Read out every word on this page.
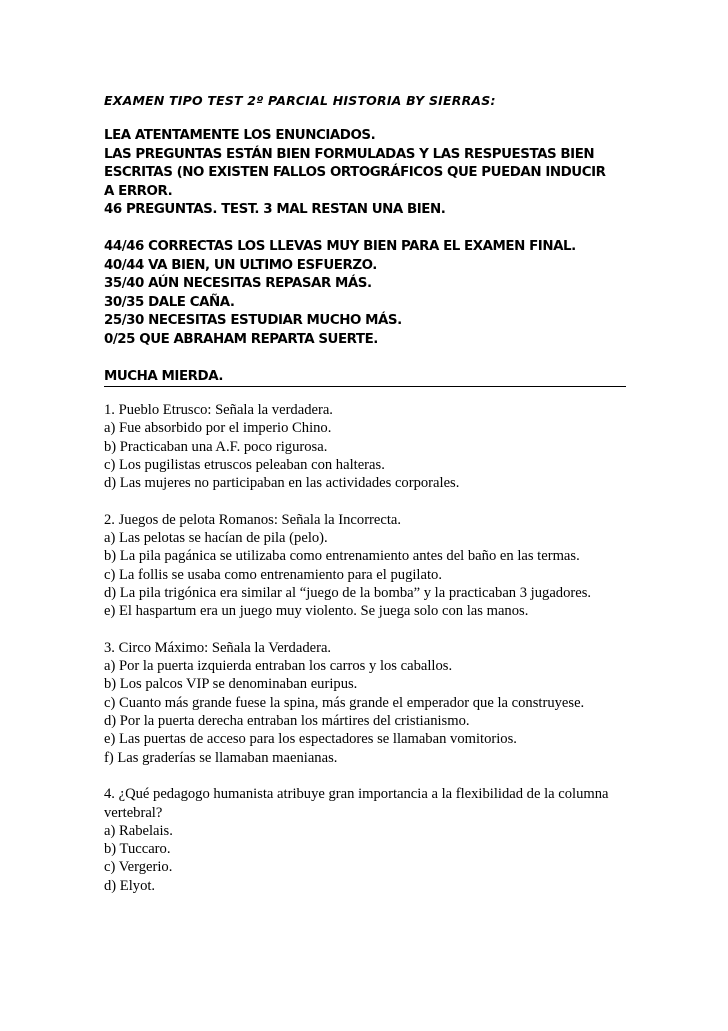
EXAMEN TIPO TEST 2º PARCIAL HISTORIA BY SIERRAS:

LEA ATENTAMENTE LOS ENUNCIADOS.

LAS PREGUNTAS ESTÁN BIEN FORMULADAS Y LAS RESPUESTAS BIEN

ESCRITAS (NO EXISTEN FALLOS ORTOGRÁFICOS QUE PUEDAN INDUCIR

A ERROR.

46 PREGUNTAS. TEST. 3 MAL RESTAN UNA BIEN.

44/46 CORRECTAS LOS LLEVAS MUY BIEN PARA EL EXAMEN FINAL.

40/44 VA BIEN, UN ULTIMO ESFUERZO.

35/40 AÚN NECESITAS REPASAR MÁS.

30/35 DALE CAÑA.

25/30 NECESITAS ESTUDIAR MUCHO MÁS.

0/25 QUE ABRAHAM REPARTA SUERTE.

MUCHA MIERDA.

1. Pueblo Etrusco: Señala la verdadera.

a) Fue absorbido por el imperio Chino.

b) Practicaban una A.F. poco rigurosa.

c) Los pugilistas etruscos peleaban con halteras.

d) Las mujeres no participaban en las actividades corporales.

2. Juegos de pelota Romanos: Señala la Incorrecta.

a) Las pelotas se hacían de pila (pelo).

b) La pila pagánica se utilizaba como entrenamiento antes del baño en las termas.

c) La follis se usaba como entrenamiento para el pugilato.

d) La pila trigónica era similar al “juego de la bomba” y la practicaban 3 jugadores.

e) El haspartum era un juego muy violento. Se juega solo con las manos.

3. Circo Máximo: Señala la Verdadera.

a) Por la puerta izquierda entraban los carros y los caballos.

b) Los palcos VIP se denominaban euripus.

c) Cuanto más grande fuese la spina, más grande el emperador que la construyese.

d) Por la puerta derecha entraban los mártires del cristianismo.

e) Las puertas de acceso para los espectadores se llamaban vomitorios.

f) Las graderías se llamaban maenianas.

4. ¿Qué pedagogo humanista atribuye gran importancia a la flexibilidad de la columna vertebral?

a) Rabelais.

b) Tuccaro.

c) Vergerio.

d) Elyot.
